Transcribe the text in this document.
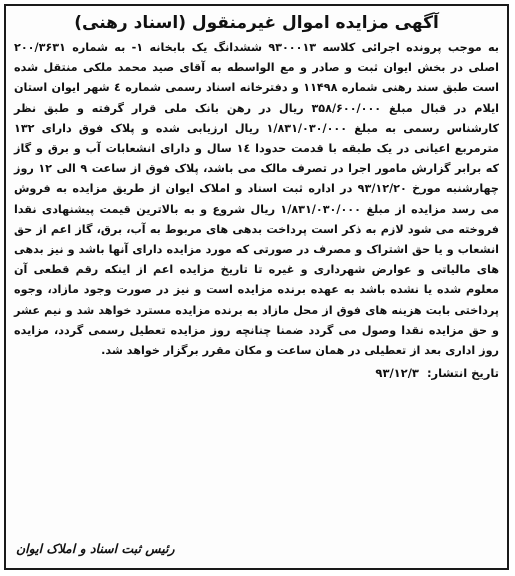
آگهی مزایده اموال غیرمنقول (اسناد رهنی)

به موجب پرونده اجرائی کلاسه ۹۳۰۰۰۱۳ ششدانگ یک بابخانه ۱- به شماره ۲۰۰/۳۶۳۱ اصلی در بخش ایوان ثبت و صادر و مع الواسطه به آقای صید محمد ملکی منتقل شده است طبق سند رهنی شماره ۱۱۴۹۸ و دفترخانه اسناد رسمی شماره ٤ شهر ایوان استان ایلام در قبال مبلغ ۳۵۸/۶۰۰/۰۰۰ ریال در رهن بانک ملی قرار گرفته و طبق نظر کارشناس رسمی به مبلغ ۱/۸۳۱/۰۳۰/۰۰۰ ریال ارزیابی شده و پلاک فوق دارای ۱۳۲ مترمربع اعیانی در یک طبقه با قدمت حدودا ۱٤ سال و دارای انشعابات آب و برق و گاز که برابر گزارش مامور اجرا در تصرف مالک می باشد، پلاک فوق از ساعت ۹ الی ۱۲ روز چهارشنبه مورخ ۹۳/۱۲/۲۰ در اداره ثبت اسناد و املاک ایوان از طریق مزایده به فروش می رسد مزایده از مبلغ ۱/۸۳۱/۰۳۰/۰۰۰ ریال شروع و به بالاترین قیمت پیشنهادی نقدا فروخته می شود لازم به ذکر است پرداخت بدهی های مربوط به آب، برق، گاز اعم از حق انشعاب و یا حق اشتراک و مصرف در صورتی که مورد مزایده دارای آنها باشد و نیز بدهی های مالیاتی و عوارض شهرداری و غیره تا تاریخ مزایده اعم از اینکه رقم قطعی آن معلوم شده یا نشده باشد به عهده برنده مزایده است و نیز در صورت وجود مازاد، وجوه پرداختی بابت هزینه های فوق از محل مازاد به برنده مزایده مسترد خواهد شد و نیم عشر و حق مزایده نقدا وصول می گردد ضمنا چنانچه روز مزایده تعطیل رسمی گردد، مزایده روز اداری بعد از تعطیلی در همان ساعت و مکان مقرر برگزار خواهد شد.

تاریخ انتشار: ۹۳/۱۲/۳
رئیس ثبت اسناد و املاک ایوان
